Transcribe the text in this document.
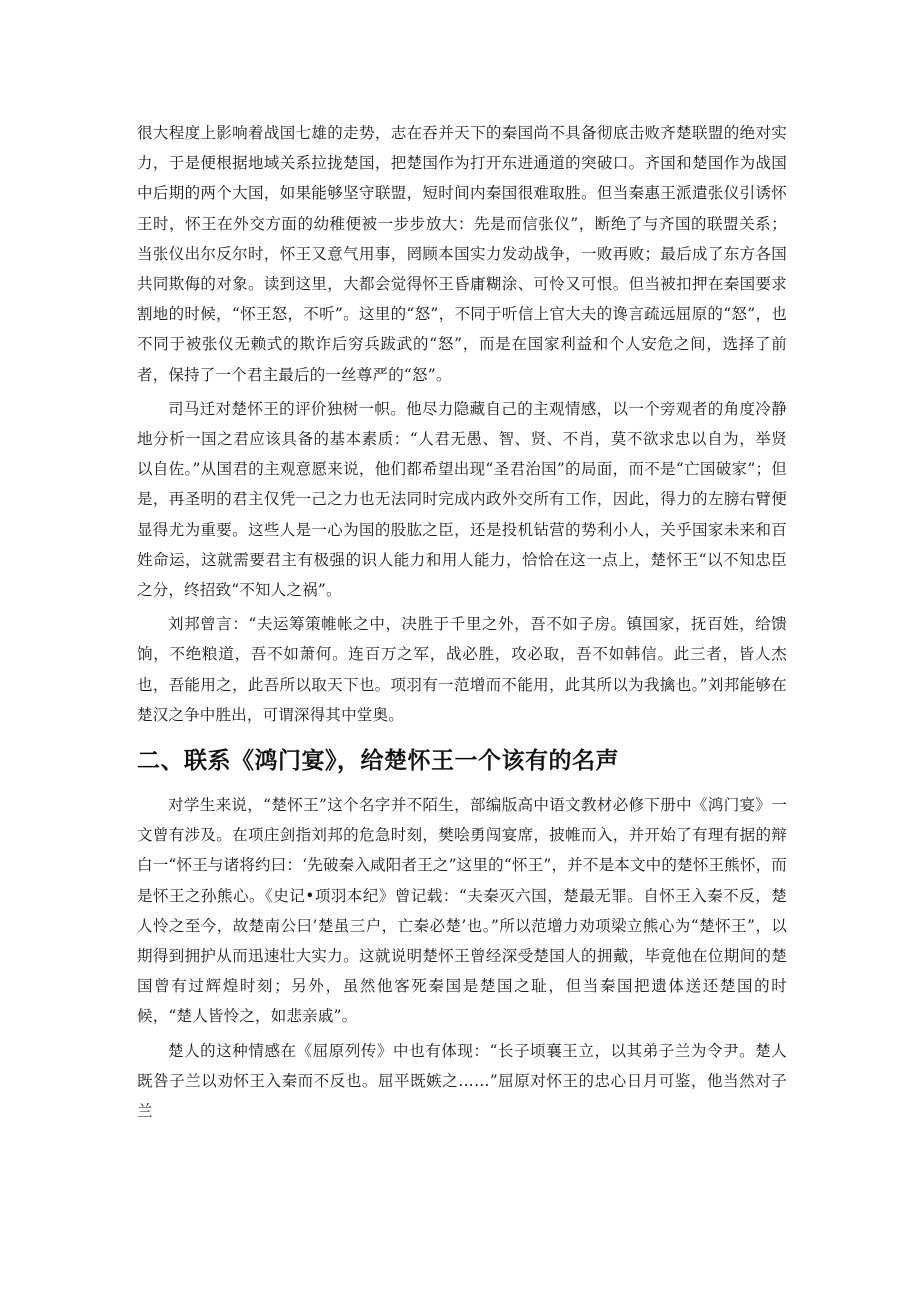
很大程度上影响着战国七雄的走势，志在吞并天下的秦国尚不具备彻底击败齐楚联盟的绝对实力，于是便根据地域关系拉拢楚国，把楚国作为打开东进通道的突破口。齐国和楚国作为战国中后期的两个大国，如果能够坚守联盟，短时间内秦国很难取胜。但当秦惠王派遣张仪引诱怀王时，怀王在外交方面的幼稚便被一步步放大：先是而信张仪”，断绝了与齐国的联盟关系；当张仪出尔反尔时，怀王又意气用事，罔顾本国实力发动战争，一败再败；最后成了东方各国共同欺侮的对象。读到这里，大都会觉得怀王昏庸糊涂、可怜又可恨。但当被扣押在秦国要求割地的时候，“怀王怒，不听”。这里的“怒”，不同于听信上官大夫的谗言疏远屈原的“怒”，也不同于被张仪无赖式的欺诈后穷兵跋武的“怒”，而是在国家利益和个人安危之间，选择了前者，保持了一个君主最后的一丝尊严的“怒”。

司马迁对楚怀王的评价独树一帜。他尽力隐藏自己的主观情感，以一个旁观者的角度冷静地分析一国之君应该具备的基本素质：“人君无愚、智、贤、不肖，莫不欲求忠以自为，举贤以自佐。”从国君的主观意愿来说，他们都希望出现“圣君治国”的局面，而不是“亡国破家”；但是，再圣明的君主仅凭一己之力也无法同时完成内政外交所有工作，因此，得力的左膀右臂便显得尤为重要。这些人是一心为国的股肱之臣，还是投机钻营的势利小人，关乎国家未来和百姓命运，这就需要君主有极强的识人能力和用人能力，恰恰在这一点上，楚怀王“以不知忠臣之分，终招致“不知人之祸”。

刘邦曾言：“夫运筹策帷帐之中，决胜于千里之外，吾不如子房。镇国家，抚百姓，给馈饷，不绝粮道，吾不如萧何。连百万之军，战必胜，攻必取，吾不如韩信。此三者，皆人杰也，吾能用之，此吾所以取天下也。项羽有一范增而不能用，此其所以为我擒也。”刘邦能够在楚汉之争中胜出，可谓深得其中堂奥。

二、联系《鸿门宴》，给楚怀王一个该有的名声

对学生来说，“楚怀王”这个名字并不陌生，部编版高中语文教材必修下册中《鸿门宴》一文曾有涉及。在项庄剑指刘邦的危急时刻，樊哙勇闯宴席，披帷而入，并开始了有理有据的辩白一“怀王与诸将约曰：‘先破秦入咸阳者王之”这里的“怀王”，并不是本文中的楚怀王熊怀，而是怀王之孙熊心。《史记•项羽本纪》曾记载：“夫秦灭六国，楚最无罪。自怀王入秦不反，楚人怜之至今，故楚南公曰’楚虽三户，亡秦必楚’也。”所以范增力劝项梁立熊心为“楚怀王”，以期得到拥护从而迅速壮大实力。这就说明楚怀王曾经深受楚国人的拥戴，毕竟他在位期间的楚国曾有过辉煌时刻；另外，虽然他客死秦国是楚国之耻，但当秦国把遗体送还楚国的时候，“楚人皆怜之，如悲亲戚”。

楚人的这种情感在《屈原列传》中也有体现：“长子顷襄王立，以其弟子兰为令尹。楚人既咎子兰以劝怀王入秦而不反也。屈平既嫉之……”屈原对怀王的忠心日月可鉴，他当然对子兰
